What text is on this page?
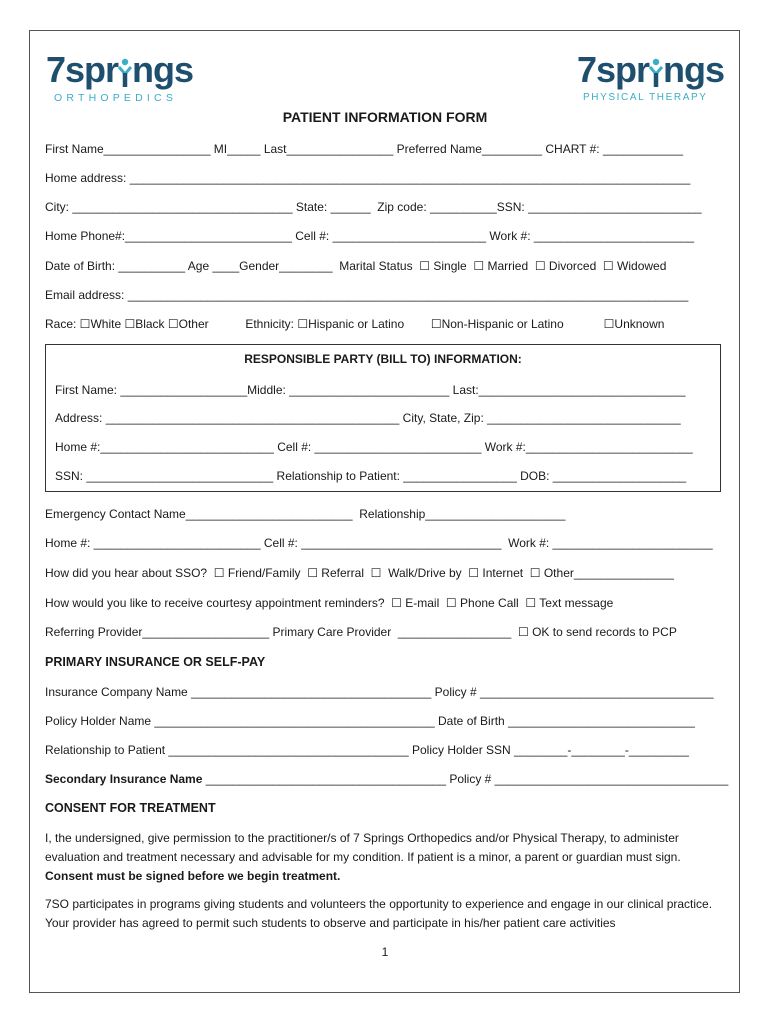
7spr ngs
ORTHOPEDICS
7spr ngs
PHYSICAL THERAPY
PATIENT INFORMATION FORM
First Name________________ MI_____ Last________________ Preferred Name_________ CHART #: ____________
Home address: ____________________________________________________________________________________
City: _________________________________ State: ______  Zip code: __________SSN: __________________________
Home Phone#:_________________________ Cell #: _______________________ Work #: ________________________
Date of Birth: __________ Age ____Gender________  Marital Status  ☐ Single  ☐ Married  ☐ Divorced  ☐ Widowed
Email address: ____________________________________________________________________________________
Race: ☐White ☐Black ☐Other           Ethnicity: ☐Hispanic or Latino        ☐Non-Hispanic or Latino            ☐Unknown
RESPONSIBLE PARTY (BILL TO) INFORMATION:
First Name: ___________________Middle: ________________________ Last:_______________________________
Address: ____________________________________________ City, State, Zip: _____________________________
Home #:__________________________ Cell #: _________________________ Work #:_________________________
SSN: ____________________________ Relationship to Patient: _________________ DOB: ____________________
Emergency Contact Name_________________________  Relationship_____________________
Home #: _________________________ Cell #: ______________________________  Work #: ________________________
How did you hear about SSO?  ☐ Friend/Family  ☐ Referral  ☐  Walk/Drive by  ☐ Internet  ☐ Other_______________
How would you like to receive courtesy appointment reminders?  ☐ E-mail  ☐ Phone Call  ☐ Text message
Referring Provider___________________ Primary Care Provider  _________________  ☐ OK to send records to PCP
PRIMARY INSURANCE OR SELF-PAY
Insurance Company Name ____________________________________ Policy # ___________________________________
Policy Holder Name __________________________________________ Date of Birth ____________________________
Relationship to Patient ____________________________________ Policy Holder SSN ________-________-_________
Secondary Insurance Name ____________________________________ Policy # ___________________________________
CONSENT FOR TREATMENT
I, the undersigned, give permission to the practitioner/s of 7 Springs Orthopedics and/or Physical Therapy, to administer evaluation and treatment necessary and advisable for my condition. If patient is a minor, a parent or guardian must sign. Consent must be signed before we begin treatment.
7SO participates in programs giving students and volunteers the opportunity to experience and engage in our clinical practice. Your provider has agreed to permit such students to observe and participate in his/her patient care activities
1
